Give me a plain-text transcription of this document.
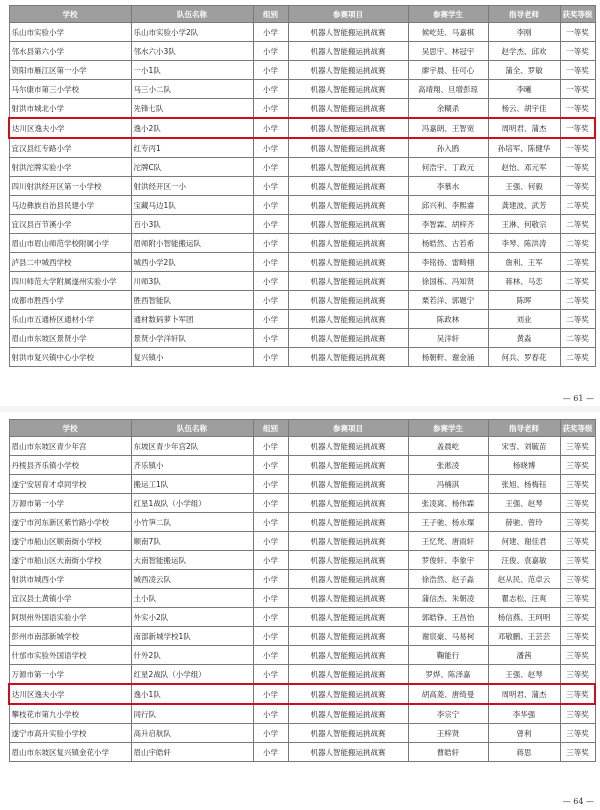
学校	队伍名称	组别	参赛项目	参赛学生	指导老师	获奖等级
乐山市实验小学	乐山市实验小学2队	小学	机器人智能搬运挑战赛	候屹廷、马嘉棋	李刚	一等奖
邻水县第六小学	邻水六小3队	小学	机器人智能搬运挑战赛	吴思宇、林冠宇	赵学杰、邱欢	一等奖
资阳市雁江区第一小学	一小1队	小学	机器人智能搬运挑战赛	廖宇晨、任可心	蒲全、罗敏	一等奖
马尔康市第三小学校	马三小二队	小学	机器人智能搬运挑战赛	高靖翔、旦增彭琼	李曦	一等奖
射洪市城北小学	先锋七队	小学	机器人智能搬运挑战赛	余糊杀	杨云、胡宇佳	一等奖
达川区逸夫小学	逸小2队	小学	机器人智能搬运挑战赛	冯嘉朗、王智宽	周明君、蒲杰	一等奖
宜汉县红专路小学	红专丙1	小学	机器人智能搬运挑战赛	孙入鸥	孙培军、陈健华	一等奖
射洪沱牌实验小学	沱牌C队	小学	机器人智能搬运挑战赛	何浩宇、丁政元	赵怡、邓元军	一等奖
四川射洪经开区第一小学校	射洪经开区一小	小学	机器人智能搬运挑战赛	李慕水	王强、何毅	一等奖
马边彝族自治县民建小学	宝藏马边1队	小学	机器人智能搬运挑战赛	邱兴利、李熙睿	龚建波、武芳	二等奖
宜汉县百节溪小学	百小3队	小学	机器人智能搬运挑战赛	李智霖、胡梓齐	王淋、何敬宗	二等奖
眉山市眉山师范学校附属小学	眉师附小智能搬运队	小学	机器人智能搬运挑战赛	杨皓然、古若希	李琴、陈洪涛	二等奖
泸县二中城西学校	城西小学2队	小学	机器人智能搬运挑战赛	李铭扬、雷畸栩	詹利、王军	二等奖
四川师范大学附属遂州实验小学	川师3队	小学	机器人智能搬运挑战赛	徐国栋、冯知贤	蒋林、马恋	二等奖
成都市胜西小学	胜西智能队	小学	机器人智能搬运挑战赛	栗若洋、郭题宁	陈晖	二等奖
乐山市五通桥区通材小学	通材数码萝卜军团	小学	机器人智能搬运挑战赛	陈政林	刘业	二等奖
眉山市东坡区景贤小学	景贤小学洋轩队	小学	机器人智能搬运挑战赛	吴洋轩	黄淼	二等奖
射洪市复兴镇中心小学校	复兴镇小	小学	机器人智能搬运挑战赛	杨朝軒、谢金涌	何兵、罗春花	二等奖
— 61 —
学校	队伍名称	组别	参赛项目	参赛学生	指导老师	获奖等级
眉山市东坡区青少年宫	东坡区青少年宫2队	小学	机器人智能搬运挑战赛	盖晨屹	宋雪、刘毓苗	三等奖
丹棱县齐乐镇小学校	齐乐镇小	小学	机器人智能搬运挑战赛	张淞凌	杨晓博	三等奖
遂宁安居育才卓同学校	搬运工1队	小学	机器人智能搬运挑战赛	冯楠淇	张旭、杨梅钰	三等奖
万源市第一小学	红星1战队（小学组）	小学	机器人智能搬运挑战赛	张凌离、杨伟霖	王强、赵琴	三等奖
遂宁市河东新区紫竹路小学校	小竹笋二队	小学	机器人智能搬运挑战赛	王子驰、杨永璨	薛驰、曾玲	三等奖
遂宁市船山区顺南街小学校	顺南7队	小学	机器人智能搬运挑战赛	王忆梵、唐雨轩	何建、谢佳君	三等奖
遂宁市船山区大南街小学校	大南智能搬运队	小学	机器人智能搬运挑战赛	罗俊轩、李象宇	汪俊、袁嘉敏	三等奖
射洪市城西小学	城西凌云队	小学	机器人智能搬运挑战赛	徐浩然、赵子淼	赵从民、范卓云	三等奖
宜汉县土黄镇小学	土小队	小学	机器人智能搬运挑战赛	蒲信杰、朱朝凌	瞿志松、汪爽	三等奖
阿坝州外国语实验小学	外实小2队	小学	机器人智能搬运挑战赛	郭皓铮、王昌怡	杨信燕、王珂明	三等奖
彭州市南部新城学校	南部新城学校1队	小学	机器人智能搬运挑战赛	谢宸豪、马易柯	邓敬鹏、王芸芸	三等奖
什邡市实验外国语学校	什外2队	小学	机器人智能搬运挑战赛	鞠能行	潘茜	三等奖
万源市第一小学	红星2战队（小学组）	小学	机器人智能搬运挑战赛	罗烨、陈泽嘉	王强、赵琴	三等奖
达川区逸夫小学	逸小1队	小学	机器人智能搬运挑战赛	胡高菱、唐绮曼	周明君、蒲杰	三等奖
攀枝花市第九小学校	同行队	小学	机器人智能搬运挑战赛	李宗宁	李华强	三等奖
遂宁市高升实验小学校	高升启航队	小学	机器人智能搬运挑战赛	王梓贤	曾利	三等奖
眉山市东坡区复兴镇金花小学	眉山宇皓轩	小学	机器人智能搬运挑战赛	曹皓轩	蒋思	三等奖
— 64 —
